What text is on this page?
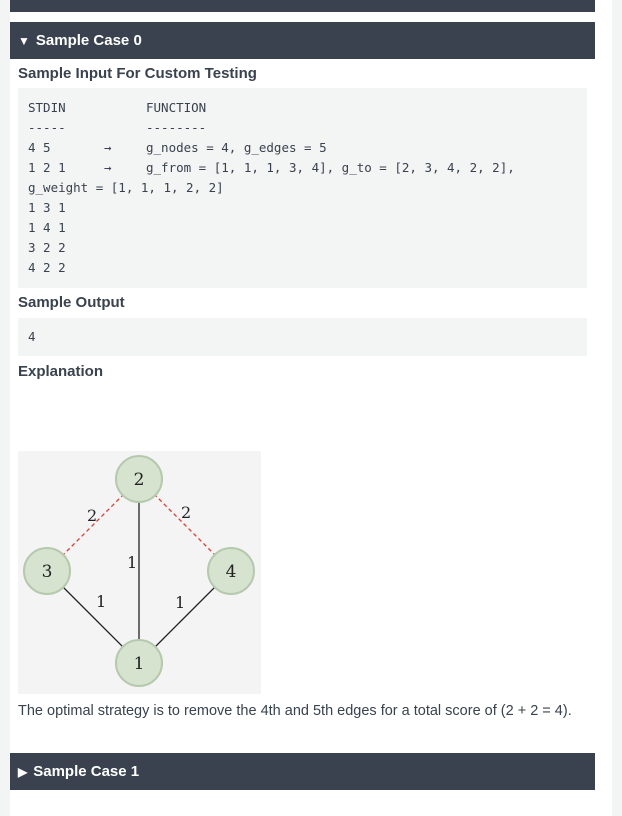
▼ Sample Case 0
Sample Input For Custom Testing
STDIN	FUNCTION
-----	--------
4 5	→	g_nodes = 4, g_edges = 5
1 2 1	→	g_from = [1, 1, 1, 3, 4], g_to = [2, 3, 4, 2, 2],
g_weight = [1, 1, 1, 2, 2]
1 3 1
1 4 1
3 2 2
4 2 2
Sample Output
4
Explanation
2	2
1
1	1
2
3	4
1
The optimal strategy is to remove the 4th and 5th edges for a total score of (2 + 2 = 4).
▶ Sample Case 1
